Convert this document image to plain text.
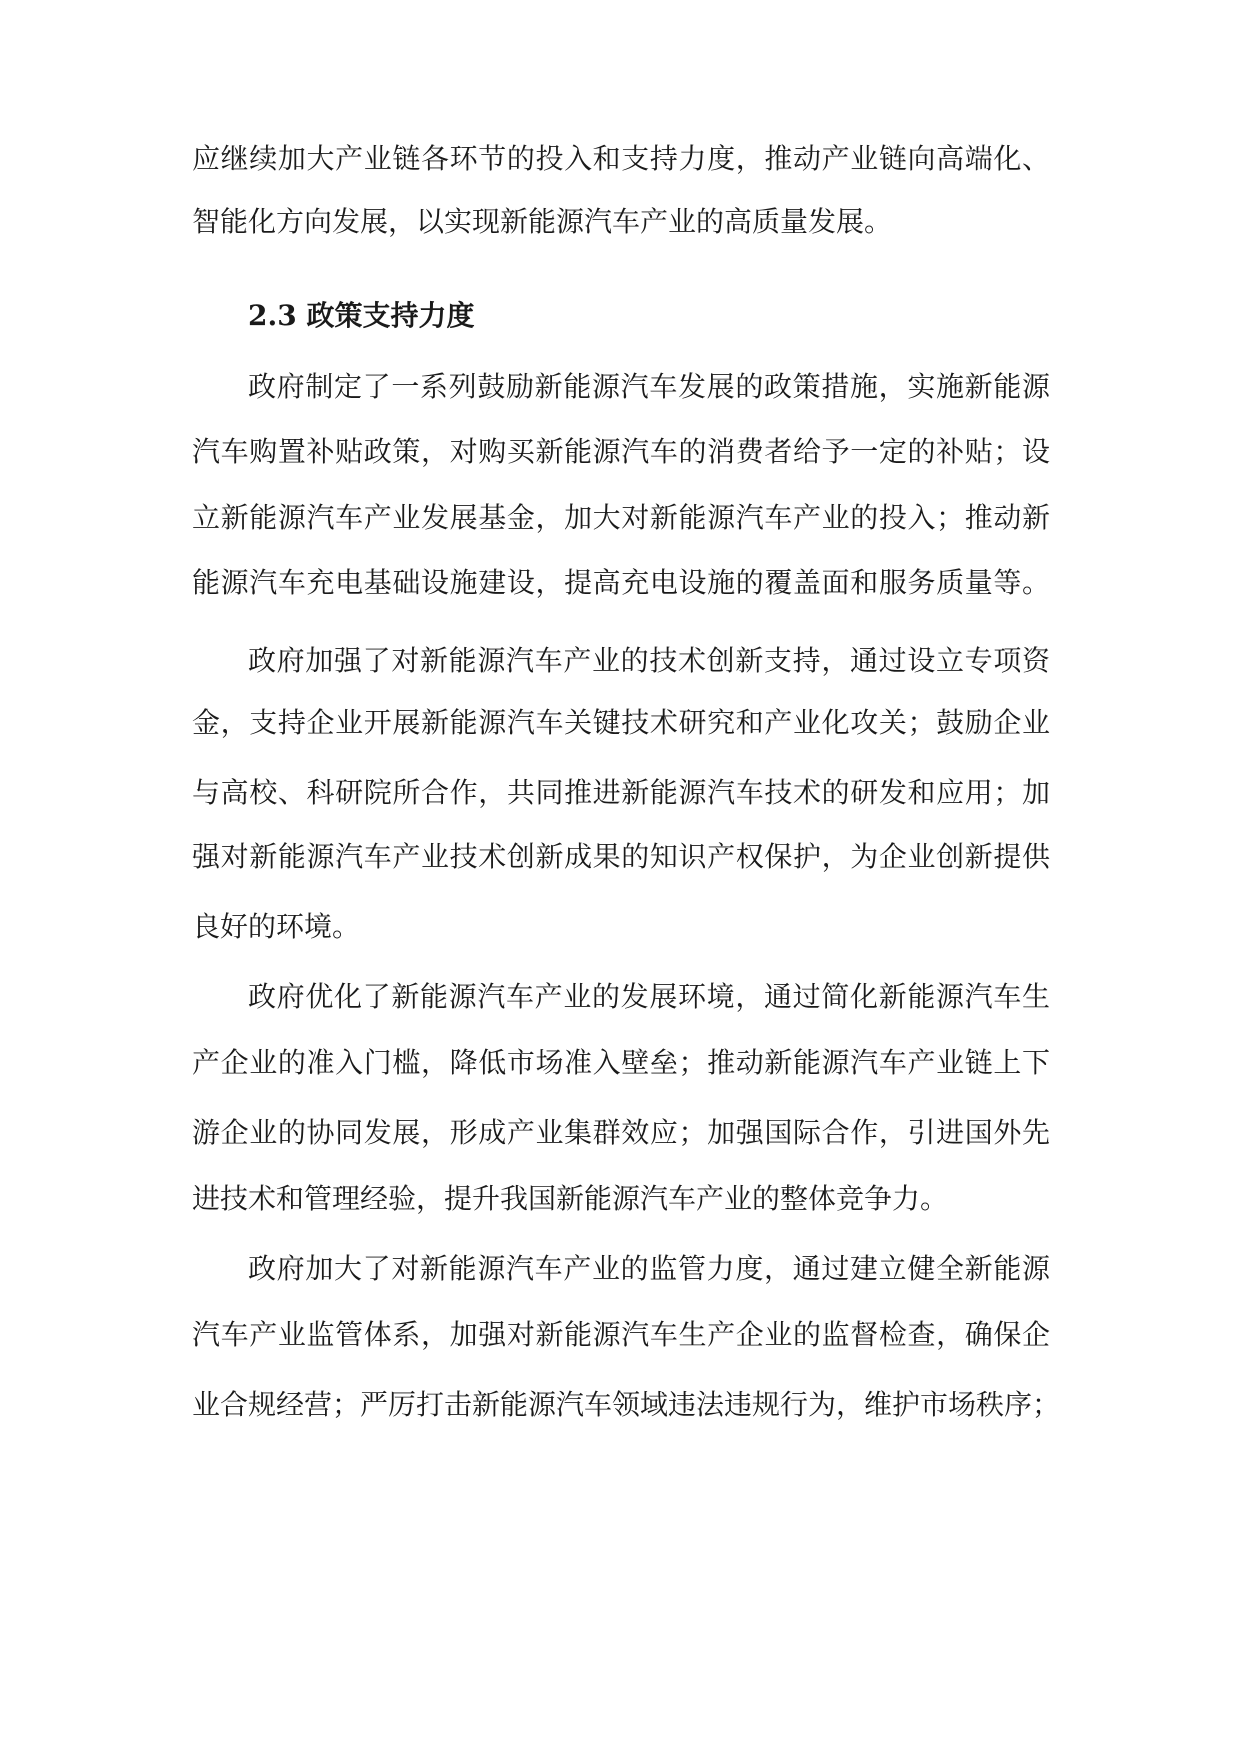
应继续加大产业链各环节的投入和支持力度，推动产业链向高端化、
智能化方向发展，以实现新能源汽车产业的高质量发展。
2.3 政策支持力度
政府制定了一系列鼓励新能源汽车发展的政策措施，实施新能源
汽车购置补贴政策，对购买新能源汽车的消费者给予一定的补贴；设
立新能源汽车产业发展基金，加大对新能源汽车产业的投入；推动新
能源汽车充电基础设施建设，提高充电设施的覆盖面和服务质量等。
政府加强了对新能源汽车产业的技术创新支持，通过设立专项资
金，支持企业开展新能源汽车关键技术研究和产业化攻关；鼓励企业
与高校、科研院所合作，共同推进新能源汽车技术的研发和应用；加
强对新能源汽车产业技术创新成果的知识产权保护，为企业创新提供
良好的环境。
政府优化了新能源汽车产业的发展环境，通过简化新能源汽车生
产企业的准入门槛，降低市场准入壁垒；推动新能源汽车产业链上下
游企业的协同发展，形成产业集群效应；加强国际合作，引进国外先
进技术和管理经验，提升我国新能源汽车产业的整体竞争力。
政府加大了对新能源汽车产业的监管力度，通过建立健全新能源
汽车产业监管体系，加强对新能源汽车生产企业的监督检查，确保企
业合规经营；严厉打击新能源汽车领域违法违规行为，维护市场秩序；
